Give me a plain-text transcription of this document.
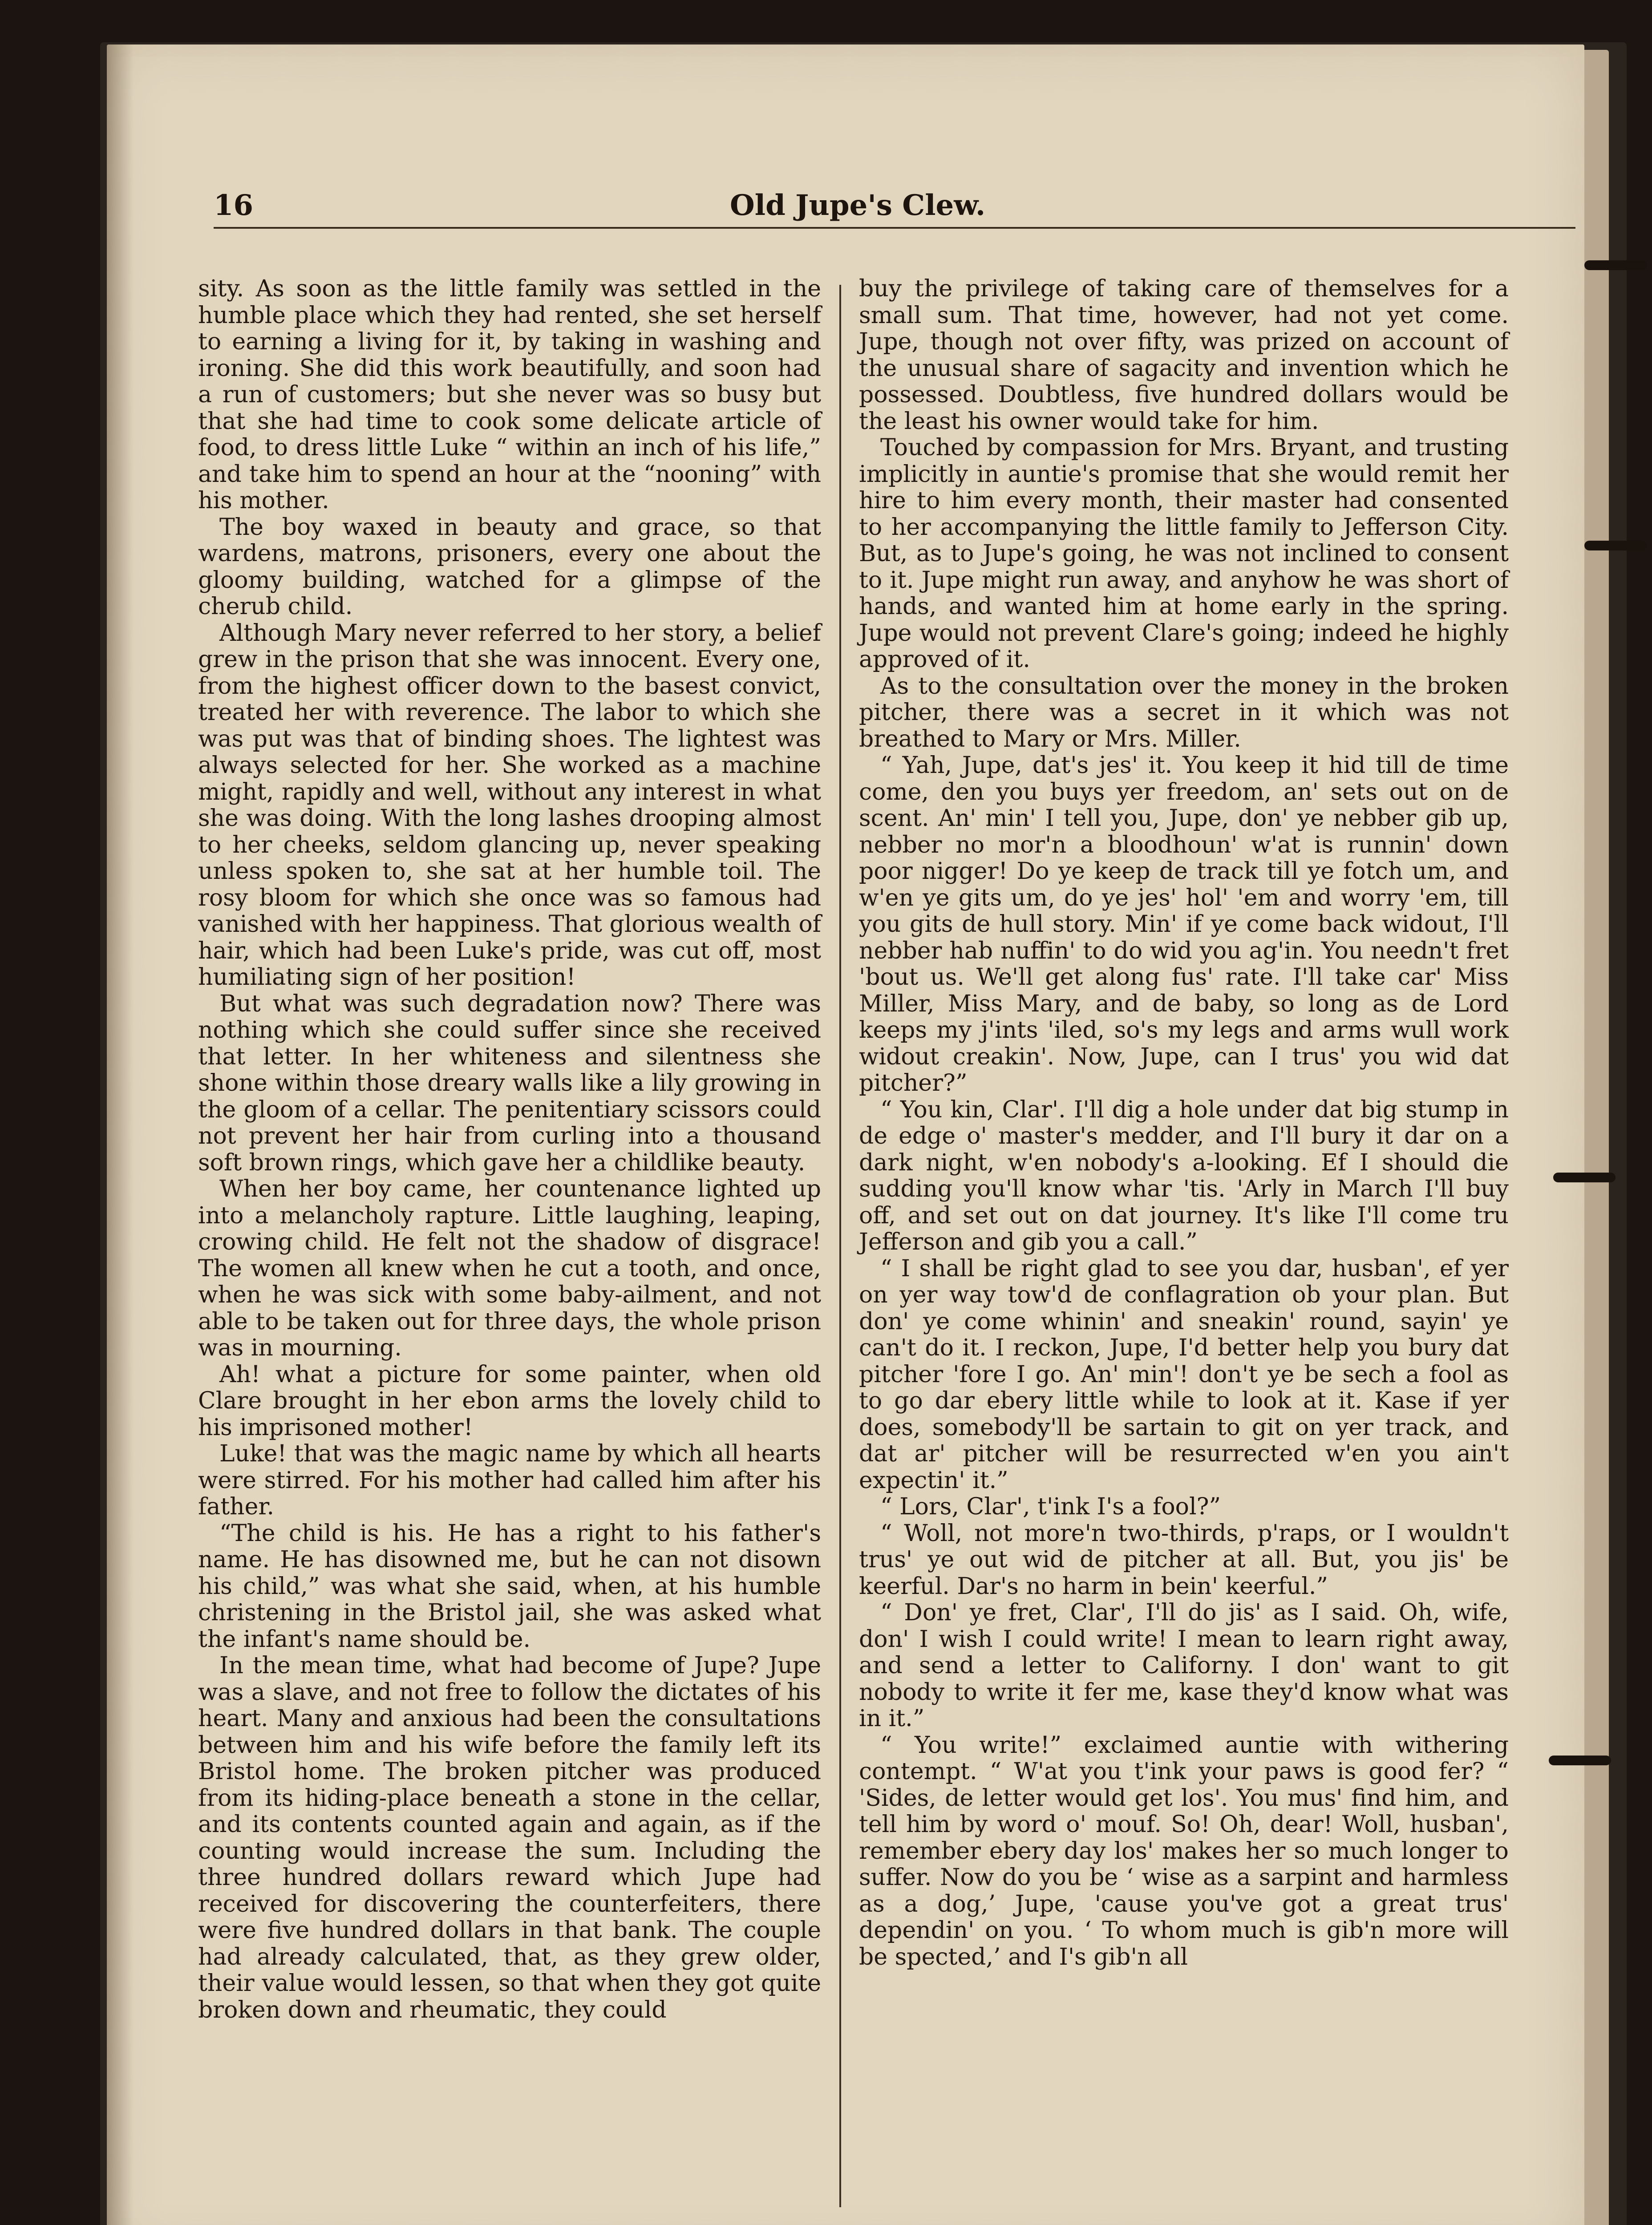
16	Old Jupe's Clew.

sity. As soon as the little family was settled in the humble place which they had rented, she set herself to earning a living for it, by taking in washing and ironing. She did this work beautifully, and soon had a run of customers; but she never was so busy but that she had time to cook some delicate article of food, to dress little Luke “ within an inch of his life,” and take him to spend an hour at the “nooning” with his mother.

The boy waxed in beauty and grace, so that wardens, matrons, prisoners, every one about the gloomy building, watched for a glimpse of the cherub child.

Although Mary never referred to her story, a belief grew in the prison that she was innocent. Every one, from the highest officer down to the basest convict, treated her with reverence. The labor to which she was put was that of binding shoes. The lightest was always selected for her. She worked as a machine might, rapidly and well, without any interest in what she was doing. With the long lashes drooping almost to her cheeks, seldom glancing up, never speaking unless spoken to, she sat at her humble toil. The rosy bloom for which she once was so famous had vanished with her happiness. That glorious wealth of hair, which had been Luke's pride, was cut off, most humiliating sign of her position!

But what was such degradation now? There was nothing which she could suffer since she received that letter. In her whiteness and silentness she shone within those dreary walls like a lily growing in the gloom of a cellar. The penitentiary scissors could not prevent her hair from curling into a thousand soft brown rings, which gave her a childlike beauty.

When her boy came, her countenance lighted up into a melancholy rapture. Little laughing, leaping, crowing child. He felt not the shadow of disgrace! The women all knew when he cut a tooth, and once, when he was sick with some baby-ailment, and not able to be taken out for three days, the whole prison was in mourning.

Ah! what a picture for some painter, when old Clare brought in her ebon arms the lovely child to his imprisoned mother!

Luke! that was the magic name by which all hearts were stirred. For his mother had called him after his father.

“The child is his. He has a right to his father's name. He has disowned me, but he can not disown his child,” was what she said, when, at his humble christening in the Bristol jail, she was asked what the infant's name should be.

In the mean time, what had become of Jupe? Jupe was a slave, and not free to follow the dictates of his heart. Many and anxious had been the consultations between him and his wife before the family left its Bristol home. The broken pitcher was produced from its hiding-place beneath a stone in the cellar, and its contents counted again and again, as if the counting would increase the sum. Including the three hundred dollars reward which Jupe had received for discovering the counterfeiters, there were five hundred dollars in that bank. The couple had already calculated, that, as they grew older, their value would lessen, so that when they got quite broken down and rheumatic, they could

buy the privilege of taking care of themselves for a small sum. That time, however, had not yet come. Jupe, though not over fifty, was prized on account of the unusual share of sagacity and invention which he possessed. Doubtless, five hundred dollars would be the least his owner would take for him.

Touched by compassion for Mrs. Bryant, and trusting implicitly in auntie's promise that she would remit her hire to him every month, their master had consented to her accompanying the little family to Jefferson City. But, as to Jupe's going, he was not inclined to consent to it. Jupe might run away, and anyhow he was short of hands, and wanted him at home early in the spring. Jupe would not prevent Clare's going; indeed he highly approved of it.

As to the consultation over the money in the broken pitcher, there was a secret in it which was not breathed to Mary or Mrs. Miller.

“ Yah, Jupe, dat's jes' it. You keep it hid till de time come, den you buys yer freedom, an' sets out on de scent. An' min' I tell you, Jupe, don' ye nebber gib up, nebber no mor'n a bloodhoun' w'at is runnin' down poor nigger! Do ye keep de track till ye fotch um, and w'en ye gits um, do ye jes' hol' 'em and worry 'em, till you gits de hull story. Min' if ye come back widout, I'll nebber hab nuffin' to do wid you ag'in. You needn't fret 'bout us. We'll get along fus' rate. I'll take car' Miss Miller, Miss Mary, and de baby, so long as de Lord keeps my j'ints 'iled, so's my legs and arms wull work widout creakin'. Now, Jupe, can I trus' you wid dat pitcher?”

“ You kin, Clar'. I'll dig a hole under dat big stump in de edge o' master's medder, and I'll bury it dar on a dark night, w'en nobody's a-looking. Ef I should die sudding you'll know whar 'tis. 'Arly in March I'll buy off, and set out on dat journey. It's like I'll come tru Jefferson and gib you a call.”

“ I shall be right glad to see you dar, husban', ef yer on yer way tow'd de conflagration ob your plan. But don' ye come whinin' and sneakin' round, sayin' ye can't do it. I reckon, Jupe, I'd better help you bury dat pitcher 'fore I go. An' min'! don't ye be sech a fool as to go dar ebery little while to look at it. Kase if yer does, somebody'll be sartain to git on yer track, and dat ar' pitcher will be resurrected w'en you ain't expectin' it.”

“ Lors, Clar', t'ink I's a fool?”

“ Woll, not more'n two-thirds, p'raps, or I wouldn't trus' ye out wid de pitcher at all. But, you jis' be keerful. Dar's no harm in bein' keerful.”

“ Don' ye fret, Clar', I'll do jis' as I said. Oh, wife, don' I wish I could write! I mean to learn right away, and send a letter to Californy. I don' want to git nobody to write it fer me, kase they'd know what was in it.”

“ You write!” exclaimed auntie with withering contempt. “ W'at you t'ink your paws is good fer? “ 'Sides, de letter would get los'. You mus' find him, and tell him by word o' mouf. So! Oh, dear! Woll, husban', remember ebery day los' makes her so much longer to suffer. Now do you be ‘ wise as a sarpint and harmless as a dog,’ Jupe, 'cause you've got a great trus' dependin' on you. ‘ To whom much is gib'n more will be spected,’ and I's gib'n all
